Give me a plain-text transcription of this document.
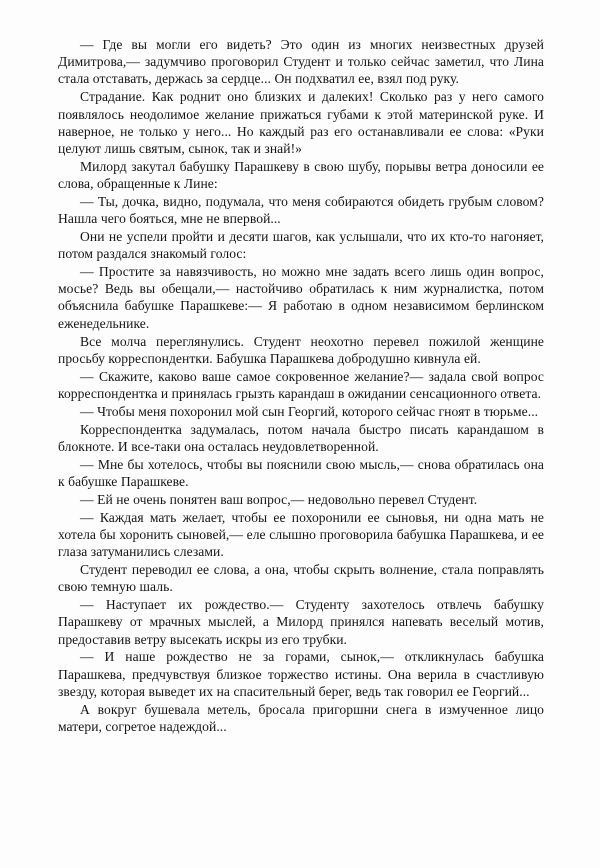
— Где вы могли его видеть? Это один из многих неизвестных друзей Димитрова,— задумчиво проговорил Студент и только сейчас заметил, что Лина стала отставать, держась за сердце... Он подхватил ее, взял под руку.

Страдание. Как роднит оно близких и далеких! Сколько раз у него самого появлялось неодолимое желание прижаться губами к этой материнской руке. И наверное, не только у него... Но каждый раз его останавливали ее слова: «Руки целуют лишь святым, сынок, так и знай!»

Милорд закутал бабушку Парашкеву в свою шубу, порывы ветра доносили ее слова, обращенные к Лине:

— Ты, дочка, видно, подумала, что меня собираются обидеть грубым словом? Нашла чего бояться, мне не впервой...

Они не успели пройти и десяти шагов, как услышали, что их кто-то нагоняет, потом раздался знакомый голос:

— Простите за навязчивость, но можно мне задать всего лишь один вопрос, мосье? Ведь вы обещали,— настойчиво обратилась к ним журналистка, потом объяснила бабушке Парашкеве:— Я работаю в одном независимом берлинском еженедельнике.

Все молча переглянулись. Студент неохотно перевел пожилой женщине просьбу корреспондентки. Бабушка Парашкева добродушно кивнула ей.

— Скажите, каково ваше самое сокровенное желание?— задала свой вопрос корреспондентка и принялась грызть карандаш в ожидании сенсационного ответа.

— Чтобы меня похоронил мой сын Георгий, которого сейчас гноят в тюрьме...

Корреспондентка задумалась, потом начала быстро писать карандашом в блокноте. И все-таки она осталась неудовлетворенной.

— Мне бы хотелось, чтобы вы пояснили свою мысль,— снова обратилась она к бабушке Парашкеве.

— Ей не очень понятен ваш вопрос,— недовольно перевел Студент.

— Каждая мать желает, чтобы ее похоронили ее сыновья, ни одна мать не хотела бы хоронить сыновей,— еле слышно проговорила бабушка Парашкева, и ее глаза затуманились слезами.

Студент переводил ее слова, а она, чтобы скрыть волнение, стала поправлять свою темную шаль.

— Наступает их рождество.— Студенту захотелось отвлечь бабушку Парашкеву от мрачных мыслей, а Милорд принялся напевать веселый мотив, предоставив ветру высекать искры из его трубки.

— И наше рождество не за горами, сынок,— откликнулась бабушка Парашкева, предчувствуя близкое торжество истины. Она верила в счастливую звезду, которая выведет их на спасительный берег, ведь так говорил ее Георгий...

А вокруг бушевала метель, бросала пригоршни снега в измученное лицо матери, согретое надеждой...
